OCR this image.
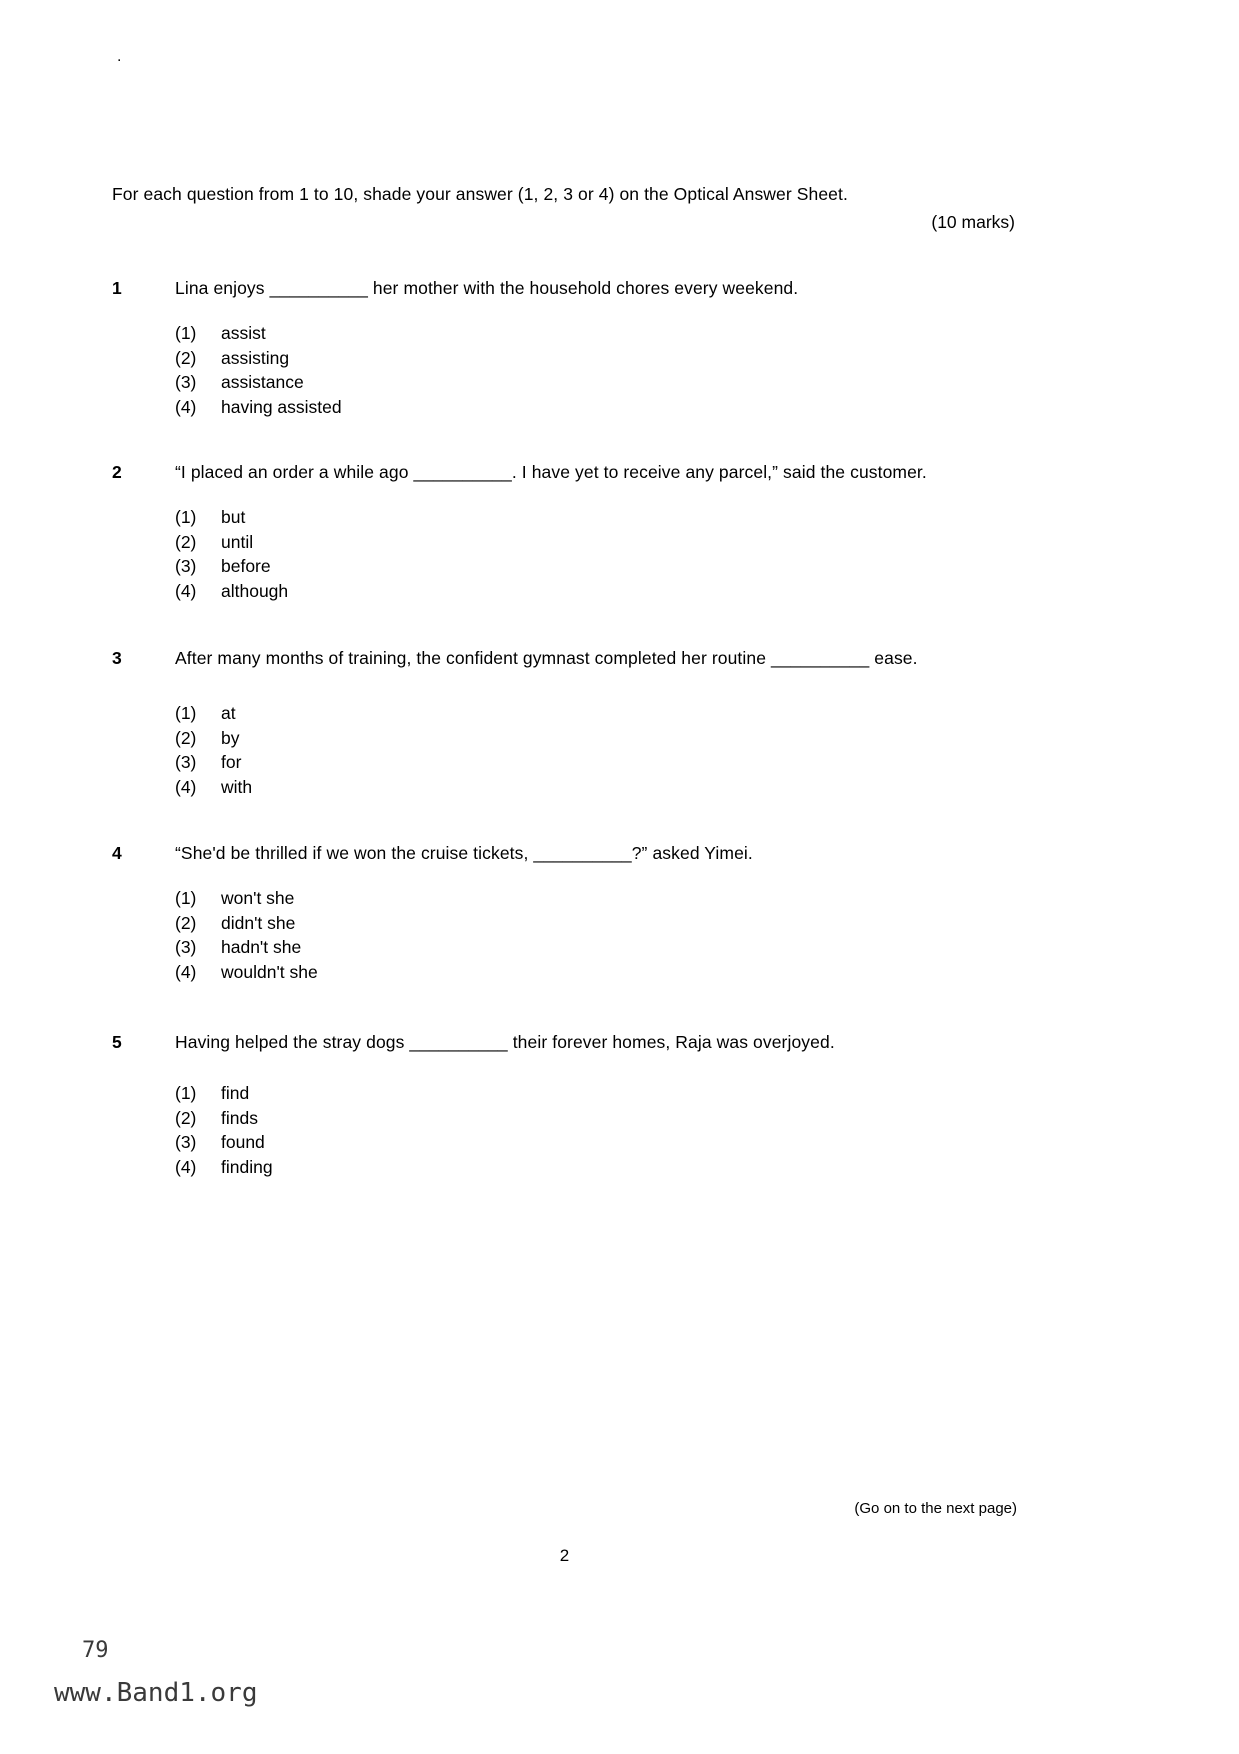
.
For each question from 1 to 10, shade your answer (1, 2, 3 or 4) on the Optical Answer Sheet.
(10 marks)
1	Lina enjoys __________ her mother with the household chores every weekend.
(1)	assist
(2)	assisting
(3)	assistance
(4)	having assisted
2	“I placed an order a while ago __________. I have yet to receive any parcel,” said the customer.
(1)	but
(2)	until
(3)	before
(4)	although
3	After many months of training, the confident gymnast completed her routine __________ ease.
(1)	at
(2)	by
(3)	for
(4)	with
4	“She'd be thrilled if we won the cruise tickets, __________?” asked Yimei.
(1)	won't she
(2)	didn't she
(3)	hadn't she
(4)	wouldn't she
5	Having helped the stray dogs __________ their forever homes, Raja was overjoyed.
(1)	find
(2)	finds
(3)	found
(4)	finding
(Go on to the next page)
2
79
www.Band1.org
